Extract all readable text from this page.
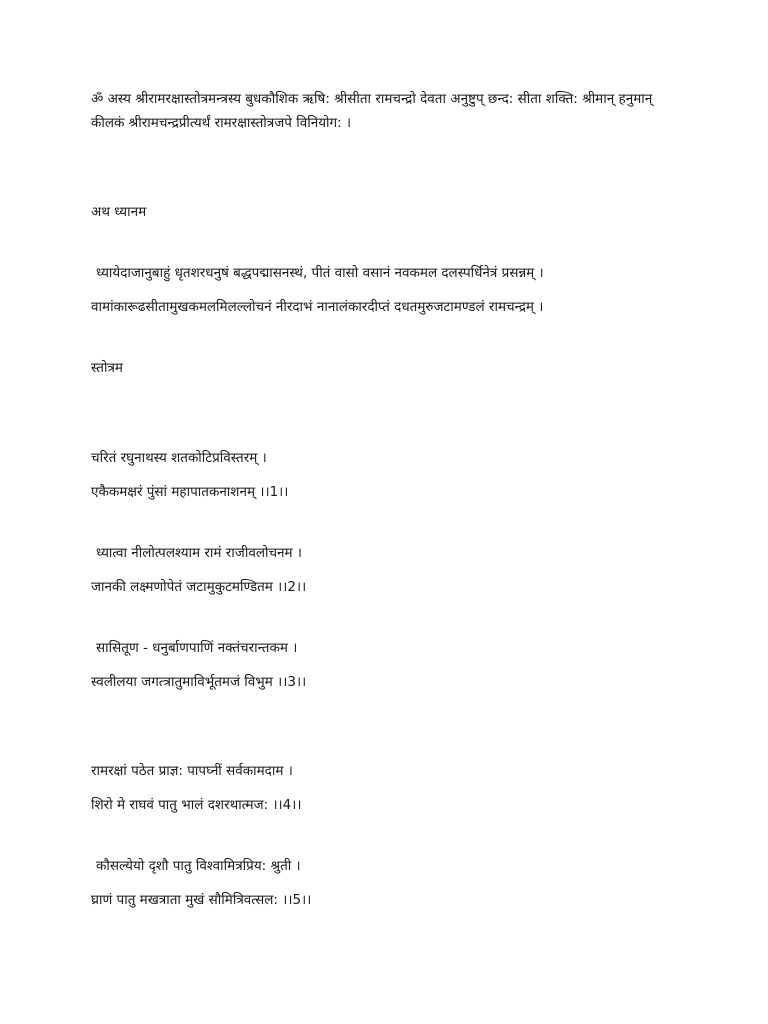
ॐ अस्य श्रीरामरक्षास्तोत्रमन्त्रस्य बुधकौशिक ऋषि: श्रीसीता रामचन्द्रो देवता अनुष्टुप् छन्द: सीता शक्ति: श्रीमान् हनुमान् कीलकं श्रीरामचन्द्रप्रीत्यर्थं रामरक्षास्तोत्रजपे विनियोग: ।
अथ ध्यानम
ध्यायेदाजानुबाहुं धृतशरधनुषं बद्धपद्मासनस्थं, पीतं वासो वसानं नवकमल दलस्पर्धिनेत्रं प्रसन्नम् ।
वामांकारूढसीतामुखकमलमिलल्लोचनं नीरदाभं नानालंकारदीप्तं दधतमुरुजटामण्डलं रामचन्द्रम् ।
स्तोत्रम
चरितं रघुनाथस्य शतकोटिप्रविस्तरम् ।
एकैकमक्षरं पुंसां महापातकनाशनम् ।।1।।
ध्यात्वा नीलोत्पलश्याम रामं राजीवलोचनम ।
जानकी लक्ष्मणोपेतं जटामुकुटमण्डितम ।।2।।
सासितूण - धनुर्बाणपाणिं नक्तंचरान्तकम ।
स्वलीलया जगत्त्रातुमाविर्भूतमजं विभुम ।।3।।
रामरक्षां पठेत प्राज्ञ: पापघ्नीं सर्वकामदाम ।
शिरो मे राघवं पातु भालं दशरथात्मज: ।।4।।
कौसल्येयो दृशौ पातु विश्वामित्रप्रिय: श्रुती ।
घ्राणं पातु मखत्राता मुखं सौमित्रिवत्सल: ।।5।।
